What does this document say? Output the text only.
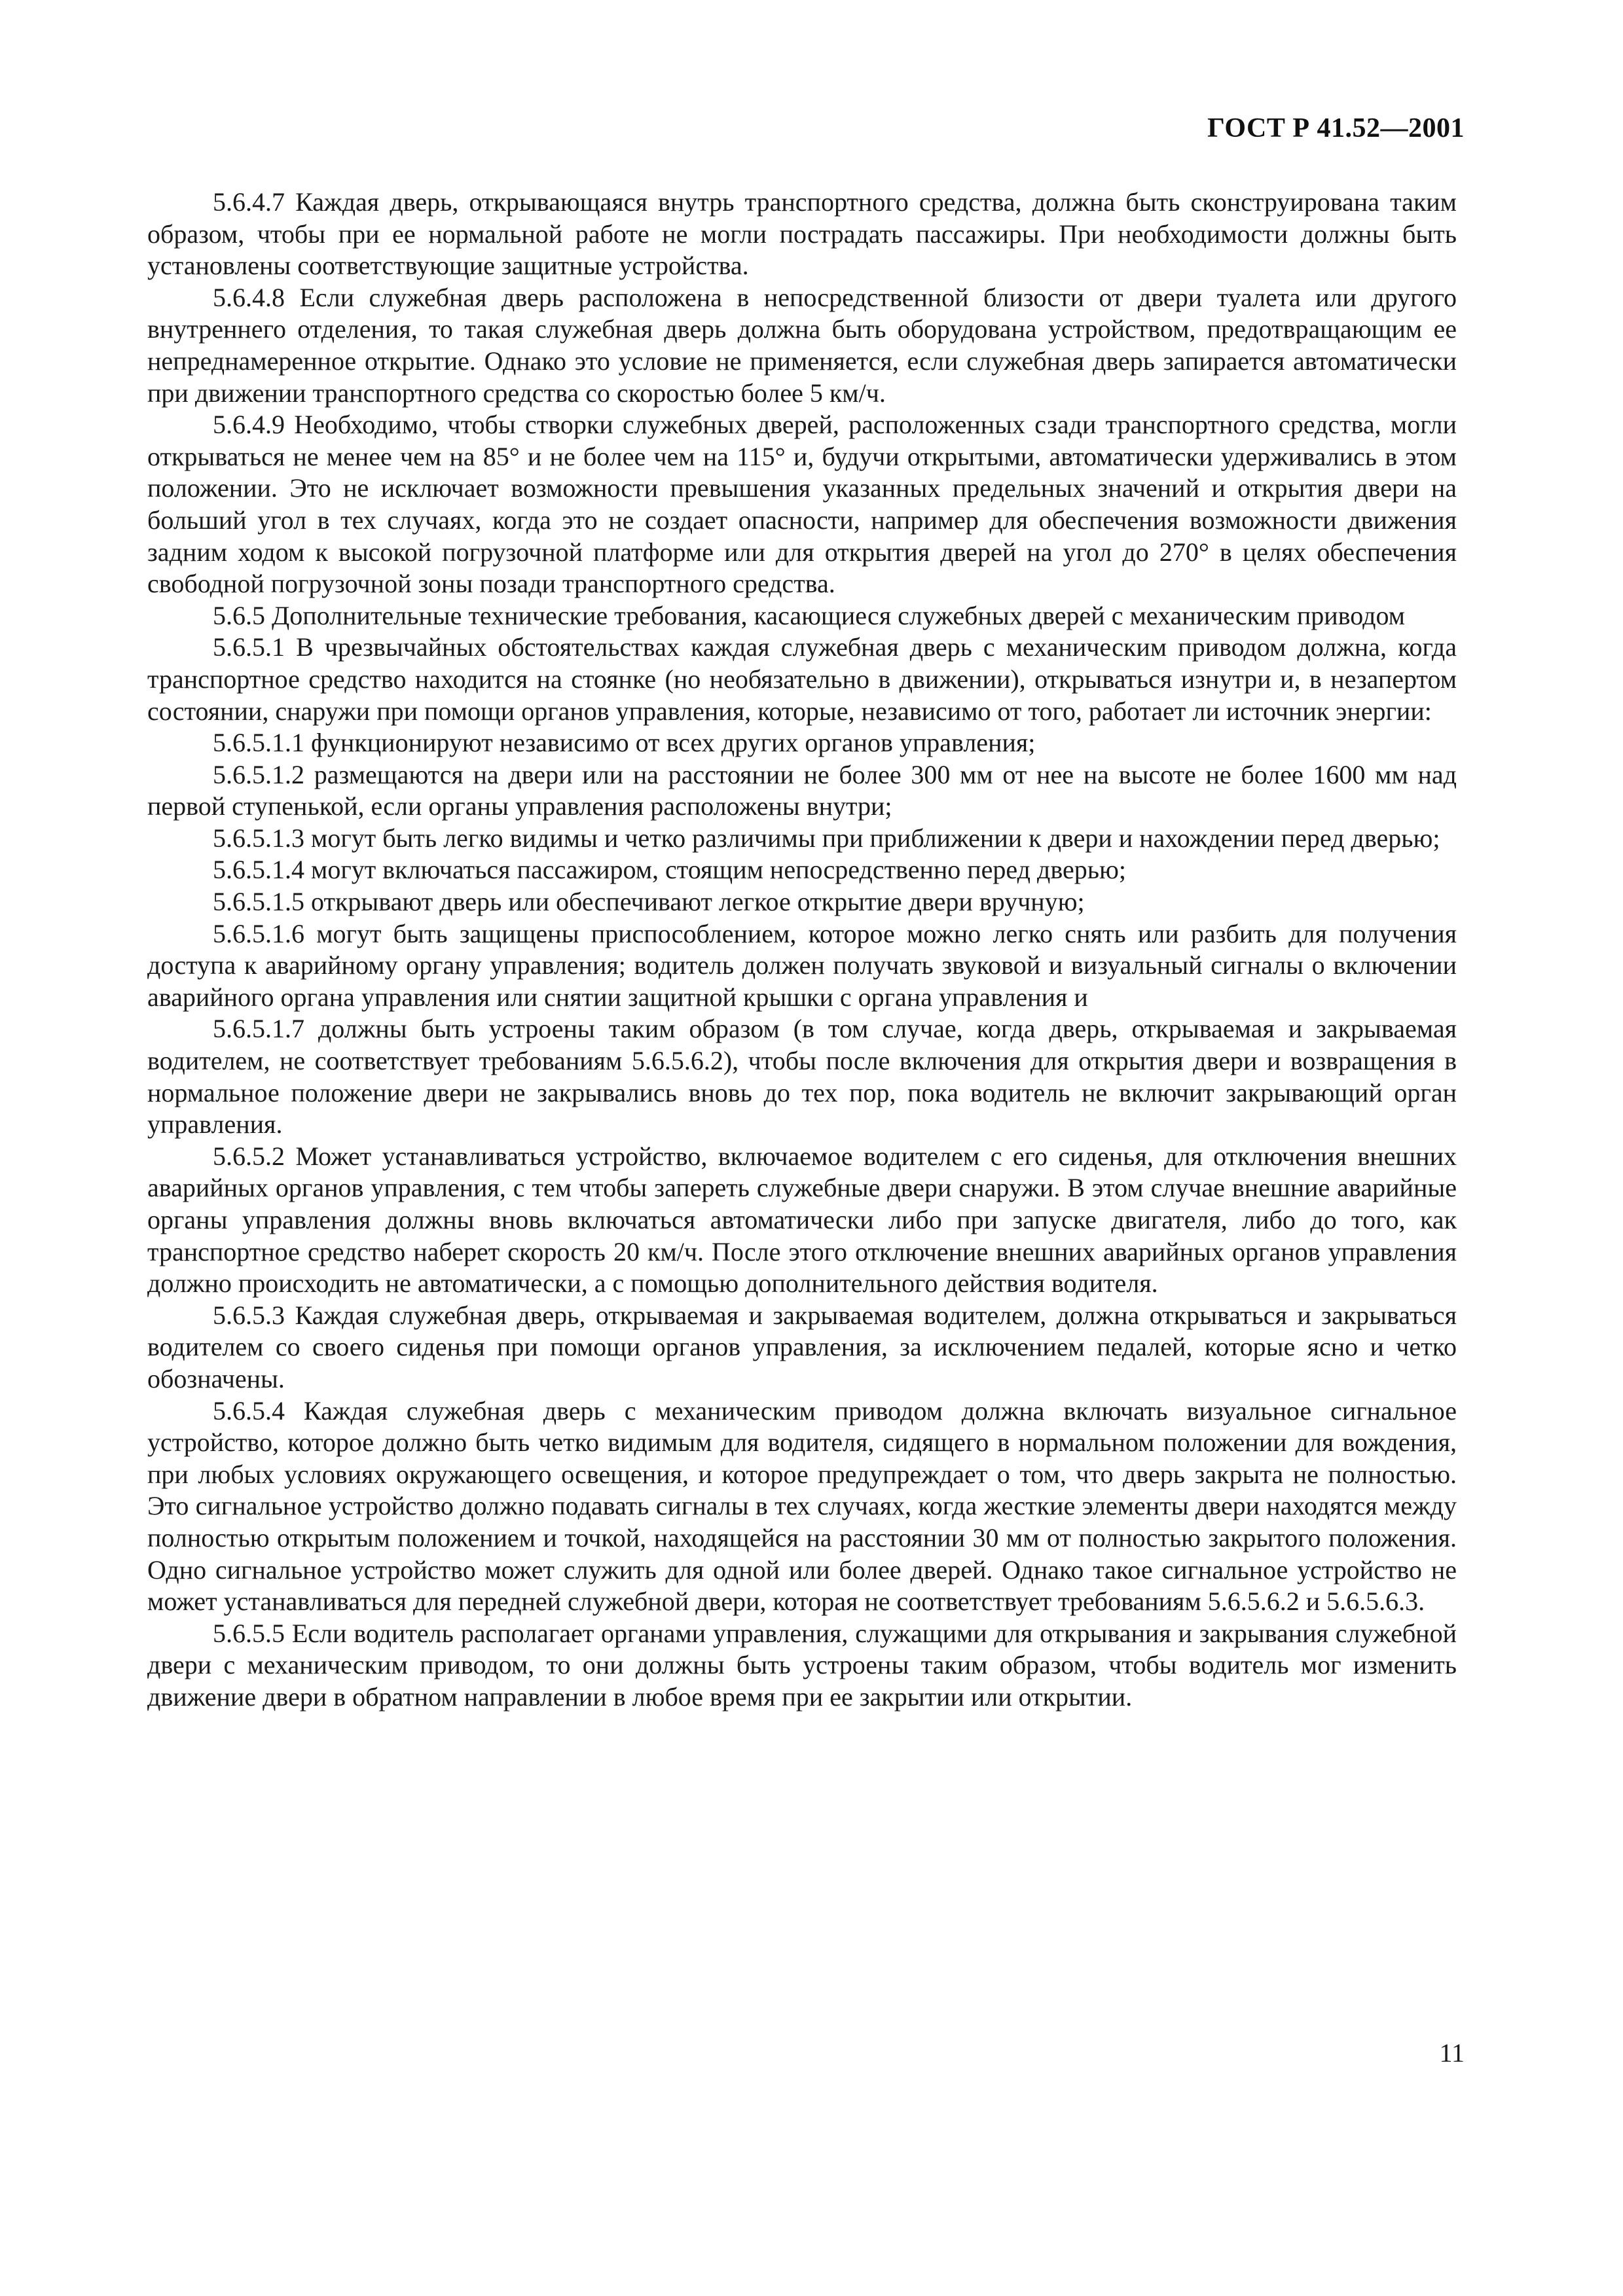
ГОСТ Р 41.52—2001

5.6.4.7 Каждая дверь, открывающаяся внутрь транспортного средства, должна быть сконструирована таким образом, чтобы при ее нормальной работе не могли пострадать пассажиры. При необходимости должны быть установлены соответствующие защитные устройства.

5.6.4.8 Если служебная дверь расположена в непосредственной близости от двери туалета или другого внутреннего отделения, то такая служебная дверь должна быть оборудована устройством, предотвращающим ее непреднамеренное открытие. Однако это условие не применяется, если служебная дверь запирается автоматически при движении транспортного средства со скоростью более 5 км/ч.

5.6.4.9 Необходимо, чтобы створки служебных дверей, расположенных сзади транспортного средства, могли открываться не менее чем на 85° и не более чем на 115° и, будучи открытыми, автоматически удерживались в этом положении. Это не исключает возможности превышения указанных предельных значений и открытия двери на больший угол в тех случаях, когда это не создает опасности, например для обеспечения возможности движения задним ходом к высокой погрузочной платформе или для открытия дверей на угол до 270° в целях обеспечения свободной погрузочной зоны позади транспортного средства.

5.6.5 Дополнительные технические требования, касающиеся служебных дверей с механическим приводом

5.6.5.1 В чрезвычайных обстоятельствах каждая служебная дверь с механическим приводом должна, когда транспортное средство находится на стоянке (но необязательно в движении), открываться изнутри и, в незапертом состоянии, снаружи при помощи органов управления, которые, независимо от того, работает ли источник энергии:

5.6.5.1.1 функционируют независимо от всех других органов управления;

5.6.5.1.2 размещаются на двери или на расстоянии не более 300 мм от нее на высоте не более 1600 мм над первой ступенькой, если органы управления расположены внутри;

5.6.5.1.3 могут быть легко видимы и четко различимы при приближении к двери и нахождении перед дверью;

5.6.5.1.4 могут включаться пассажиром, стоящим непосредственно перед дверью;

5.6.5.1.5 открывают дверь или обеспечивают легкое открытие двери вручную;

5.6.5.1.6 могут быть защищены приспособлением, которое можно легко снять или разбить для получения доступа к аварийному органу управления; водитель должен получать звуковой и визуальный сигналы о включении аварийного органа управления или снятии защитной крышки с органа управления и

5.6.5.1.7 должны быть устроены таким образом (в том случае, когда дверь, открываемая и закрываемая водителем, не соответствует требованиям 5.6.5.6.2), чтобы после включения для открытия двери и возвращения в нормальное положение двери не закрывались вновь до тех пор, пока водитель не включит закрывающий орган управления.

5.6.5.2 Может устанавливаться устройство, включаемое водителем с его сиденья, для отключения внешних аварийных органов управления, с тем чтобы запереть служебные двери снаружи. В этом случае внешние аварийные органы управления должны вновь включаться автоматически либо при запуске двигателя, либо до того, как транспортное средство наберет скорость 20 км/ч. После этого отключение внешних аварийных органов управления должно происходить не автоматически, а с помощью дополнительного действия водителя.

5.6.5.3 Каждая служебная дверь, открываемая и закрываемая водителем, должна открываться и закрываться водителем со своего сиденья при помощи органов управления, за исключением педалей, которые ясно и четко обозначены.

5.6.5.4 Каждая служебная дверь с механическим приводом должна включать визуальное сигнальное устройство, которое должно быть четко видимым для водителя, сидящего в нормальном положении для вождения, при любых условиях окружающего освещения, и которое предупреждает о том, что дверь закрыта не полностью. Это сигнальное устройство должно подавать сигналы в тех случаях, когда жесткие элементы двери находятся между полностью открытым положением и точкой, находящейся на расстоянии 30 мм от полностью закрытого положения. Одно сигнальное устройство может служить для одной или более дверей. Однако такое сигнальное устройство не может устанавливаться для передней служебной двери, которая не соответствует требованиям 5.6.5.6.2 и 5.6.5.6.3.

5.6.5.5 Если водитель располагает органами управления, служащими для открывания и закрывания служебной двери с механическим приводом, то они должны быть устроены таким образом, чтобы водитель мог изменить движение двери в обратном направлении в любое время при ее закрытии или открытии.

11
